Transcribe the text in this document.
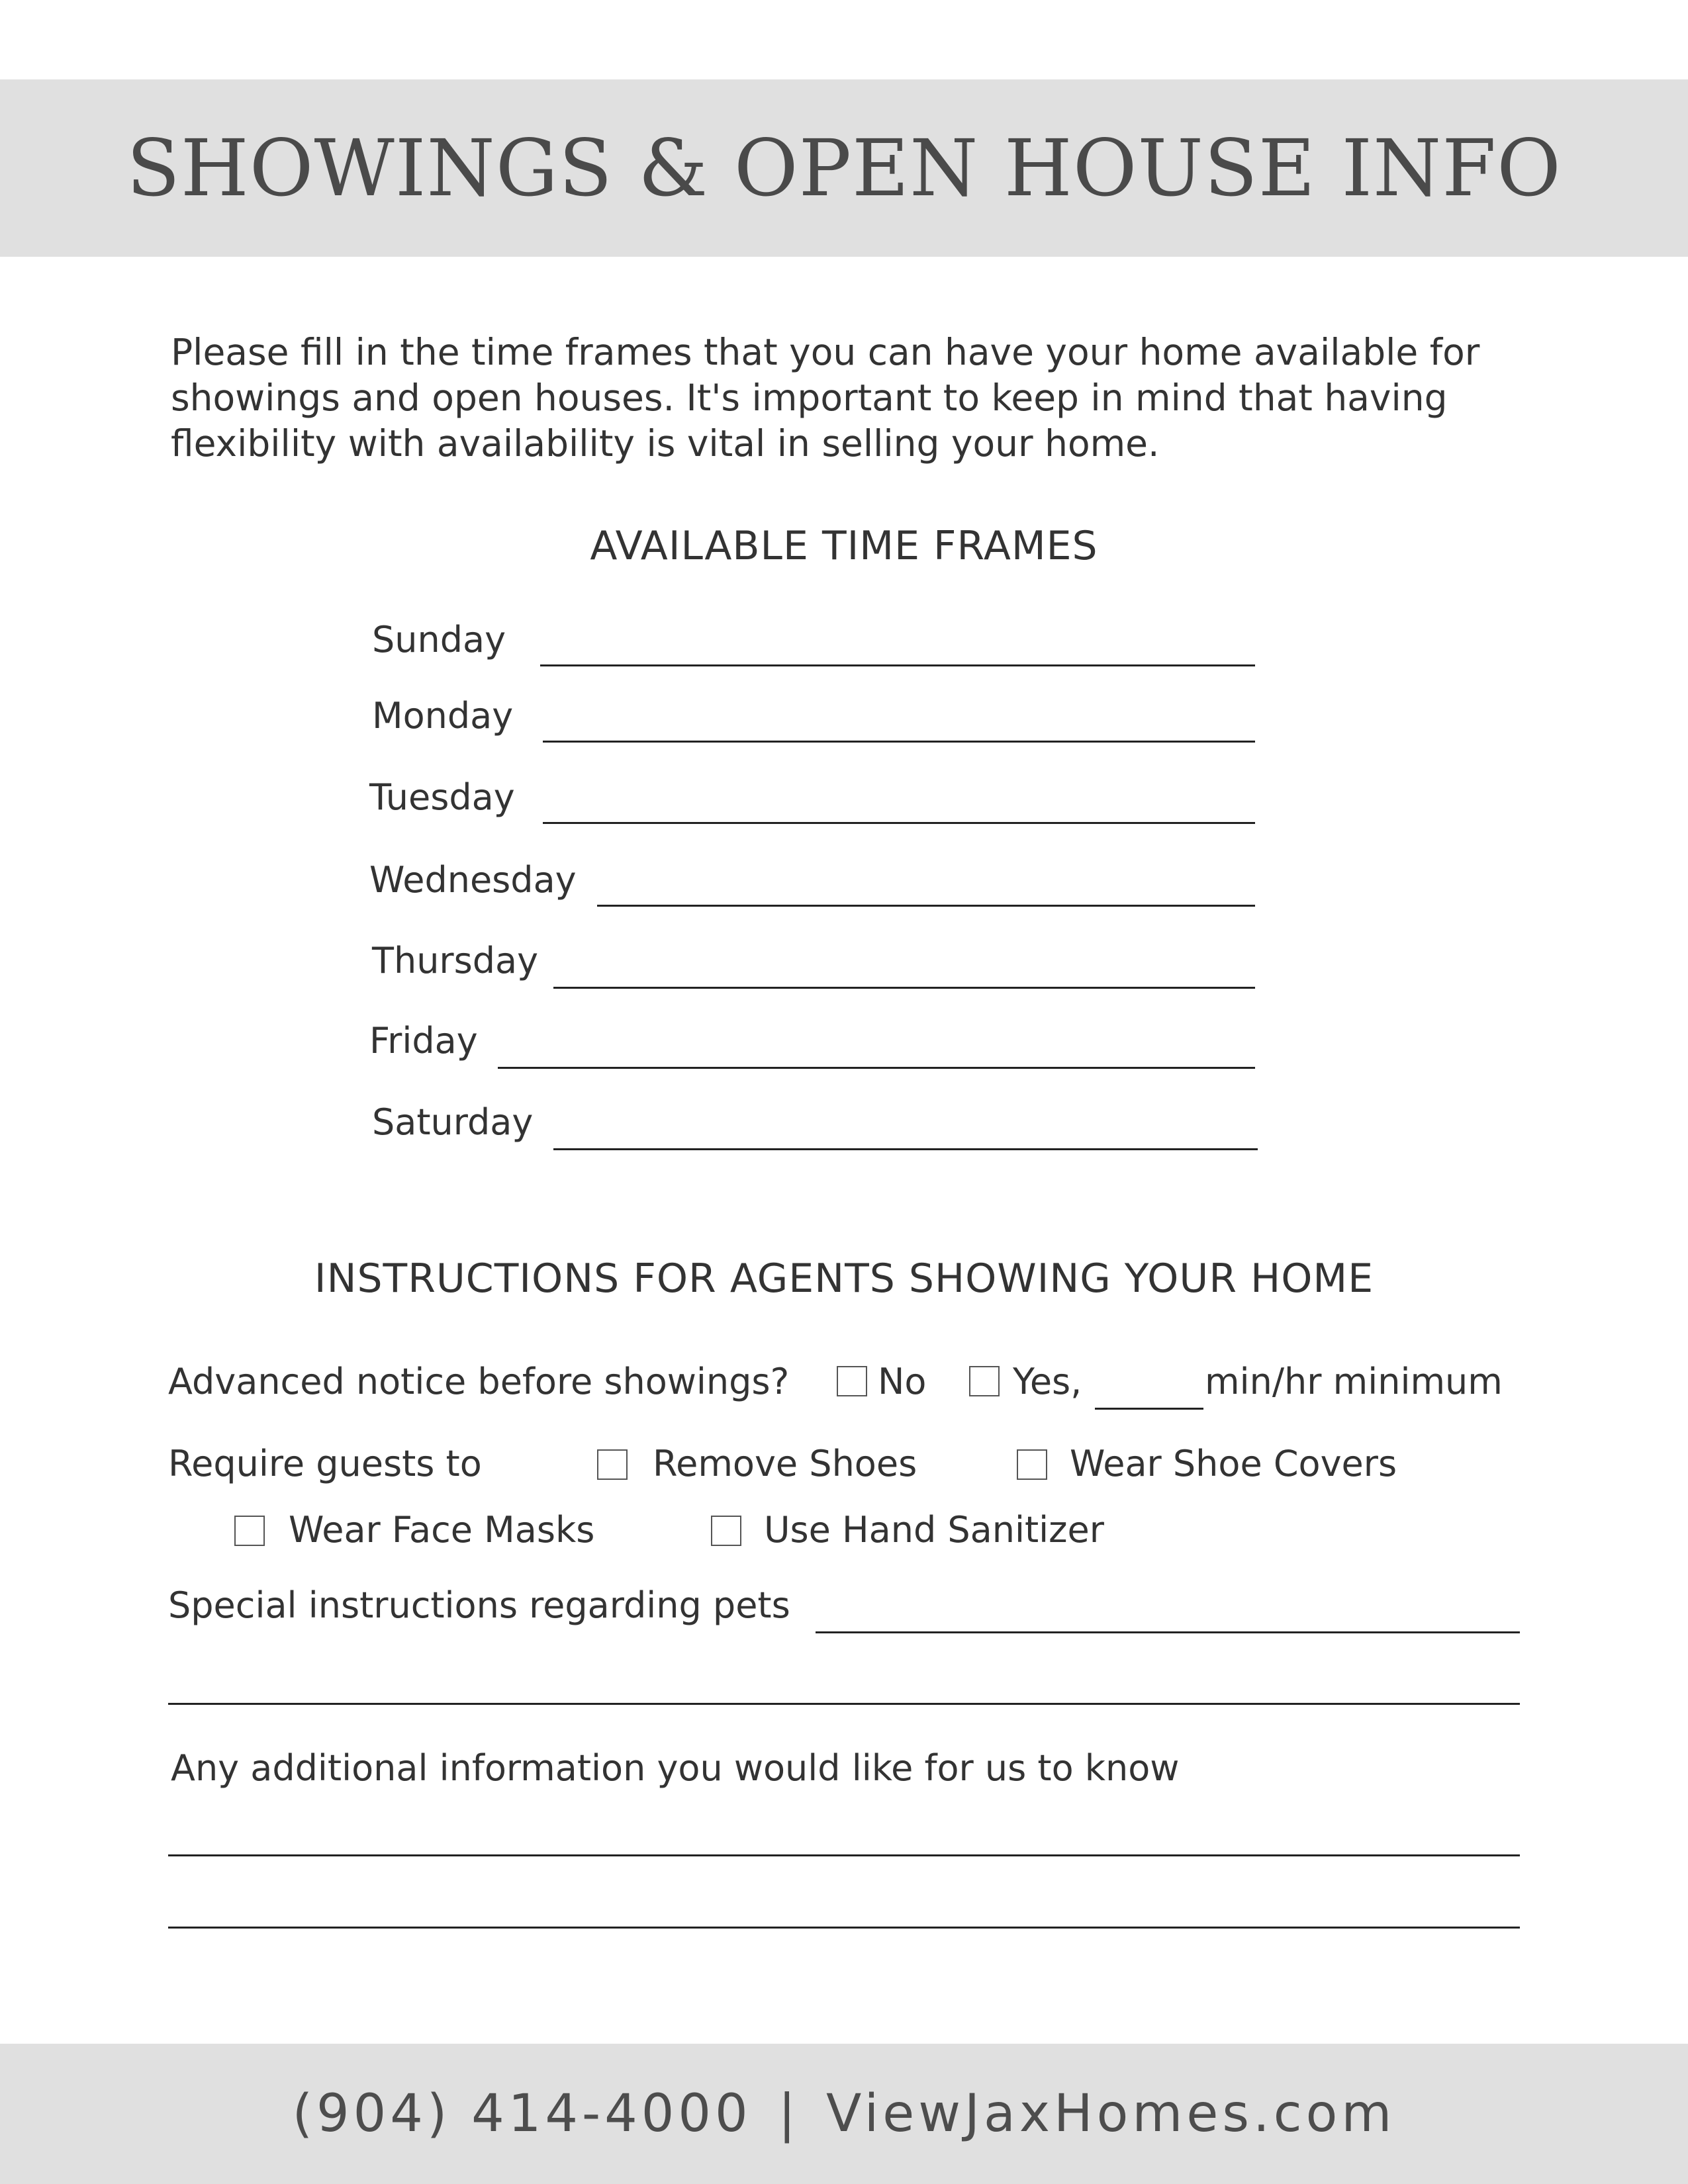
SHOWINGS & OPEN HOUSE INFO
Please fill in the time frames that you can have your home available for showings and open houses. It's important to keep in mind that having flexibility with availability is vital in selling your home.
AVAILABLE TIME FRAMES
Sunday
Monday
Tuesday
Wednesday
Thursday
Friday
Saturday
INSTRUCTIONS FOR AGENTS SHOWING YOUR HOME
Advanced notice before showings? No Yes,	min/hr minimum
Require guests to	Remove Shoes	Wear Shoe Covers
Wear Face Masks	Use Hand Sanitizer
Special instructions regarding pets
Any additional information you would like for us to know
(904) 414-4000 | ViewJaxHomes.com
